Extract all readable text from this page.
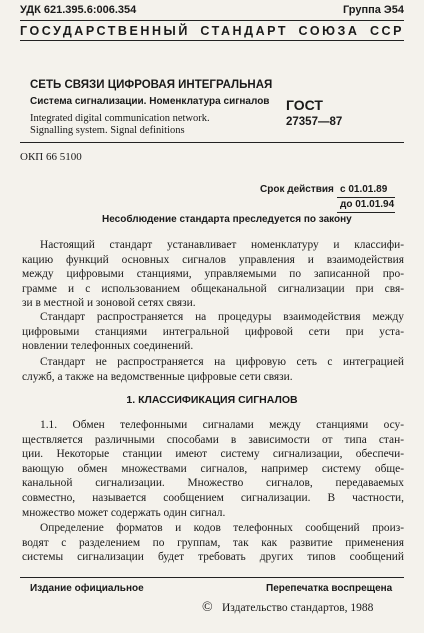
УДК 621.395.6:006.354	Группа Э54
ГОСУДАРСТВЕННЫЙ СТАНДАРТ СОЮЗА ССР
СЕТЬ СВЯЗИ ЦИФРОВАЯ ИНТЕГРАЛЬНАЯ
Система сигнализации. Номенклатура сигналов
Integrated digital communication network.
Signalling system. Signal definitions
ГОСТ
27357—87
ОКП 66 5100
Срок действия с 01.01.89
до 01.01.94
Несоблюдение стандарта преследуется по закону
Настоящий стандарт устанавливает номенклатуру и классифи-
кацию функций основных сигналов управления и взаимодействия
между цифровыми станциями, управляемыми по записанной про-
грамме и с использованием общеканальной сигнализации при свя-
зи в местной и зоновой сетях связи.
Стандарт распространяется на процедуры взаимодействия между
цифровыми станциями интегральной цифровой сети при уста-
новлении телефонных соединений.
Стандарт не распространяется на цифровую сеть с интеграцией
служб, а также на ведомственные цифровые сети связи.
1. КЛАССИФИКАЦИЯ СИГНАЛОВ
1.1. Обмен телефонными сигналами между станциями осу-
ществляется различными способами в зависимости от типа стан-
ции. Некоторые станции имеют систему сигнализации, обеспечи-
вающую обмен множествами сигналов, например систему обще-
канальной сигнализации. Множество сигналов, передаваемых
совместно, называется сообщением сигнализации. В частности,
множество может содержать один сигнал.
Определение форматов и кодов телефонных сообщений произ-
водят с разделением по группам, так как развитие применения
системы сигнализации будет требовать других типов сообщений
Издание официальное	Перепечатка воспрещена
© Издательство стандартов, 1988
